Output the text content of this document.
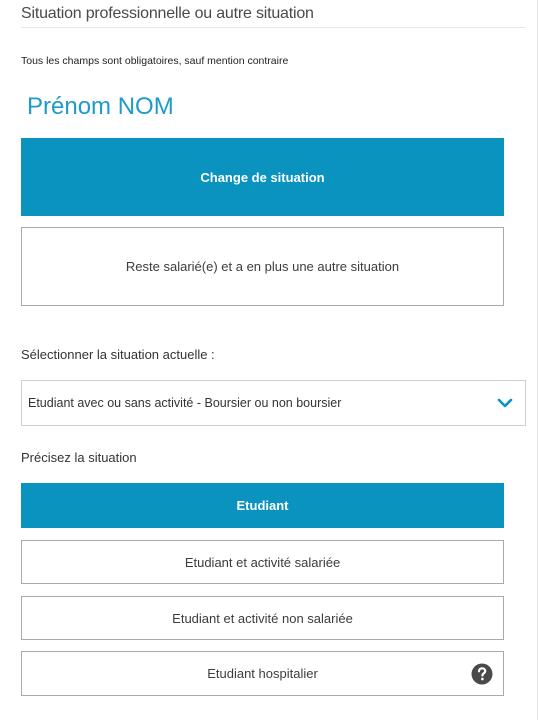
Situation professionnelle ou autre situation
Tous les champs sont obligatoires, sauf mention contraire
Prénom NOM
Change de situation
Reste salarié(e) et a en plus une autre situation
Sélectionner la situation actuelle :
Etudiant avec ou sans activité - Boursier ou non boursier
Précisez la situation
Etudiant
Etudiant et activité salariée
Etudiant et activité non salariée
Etudiant hospitalier
